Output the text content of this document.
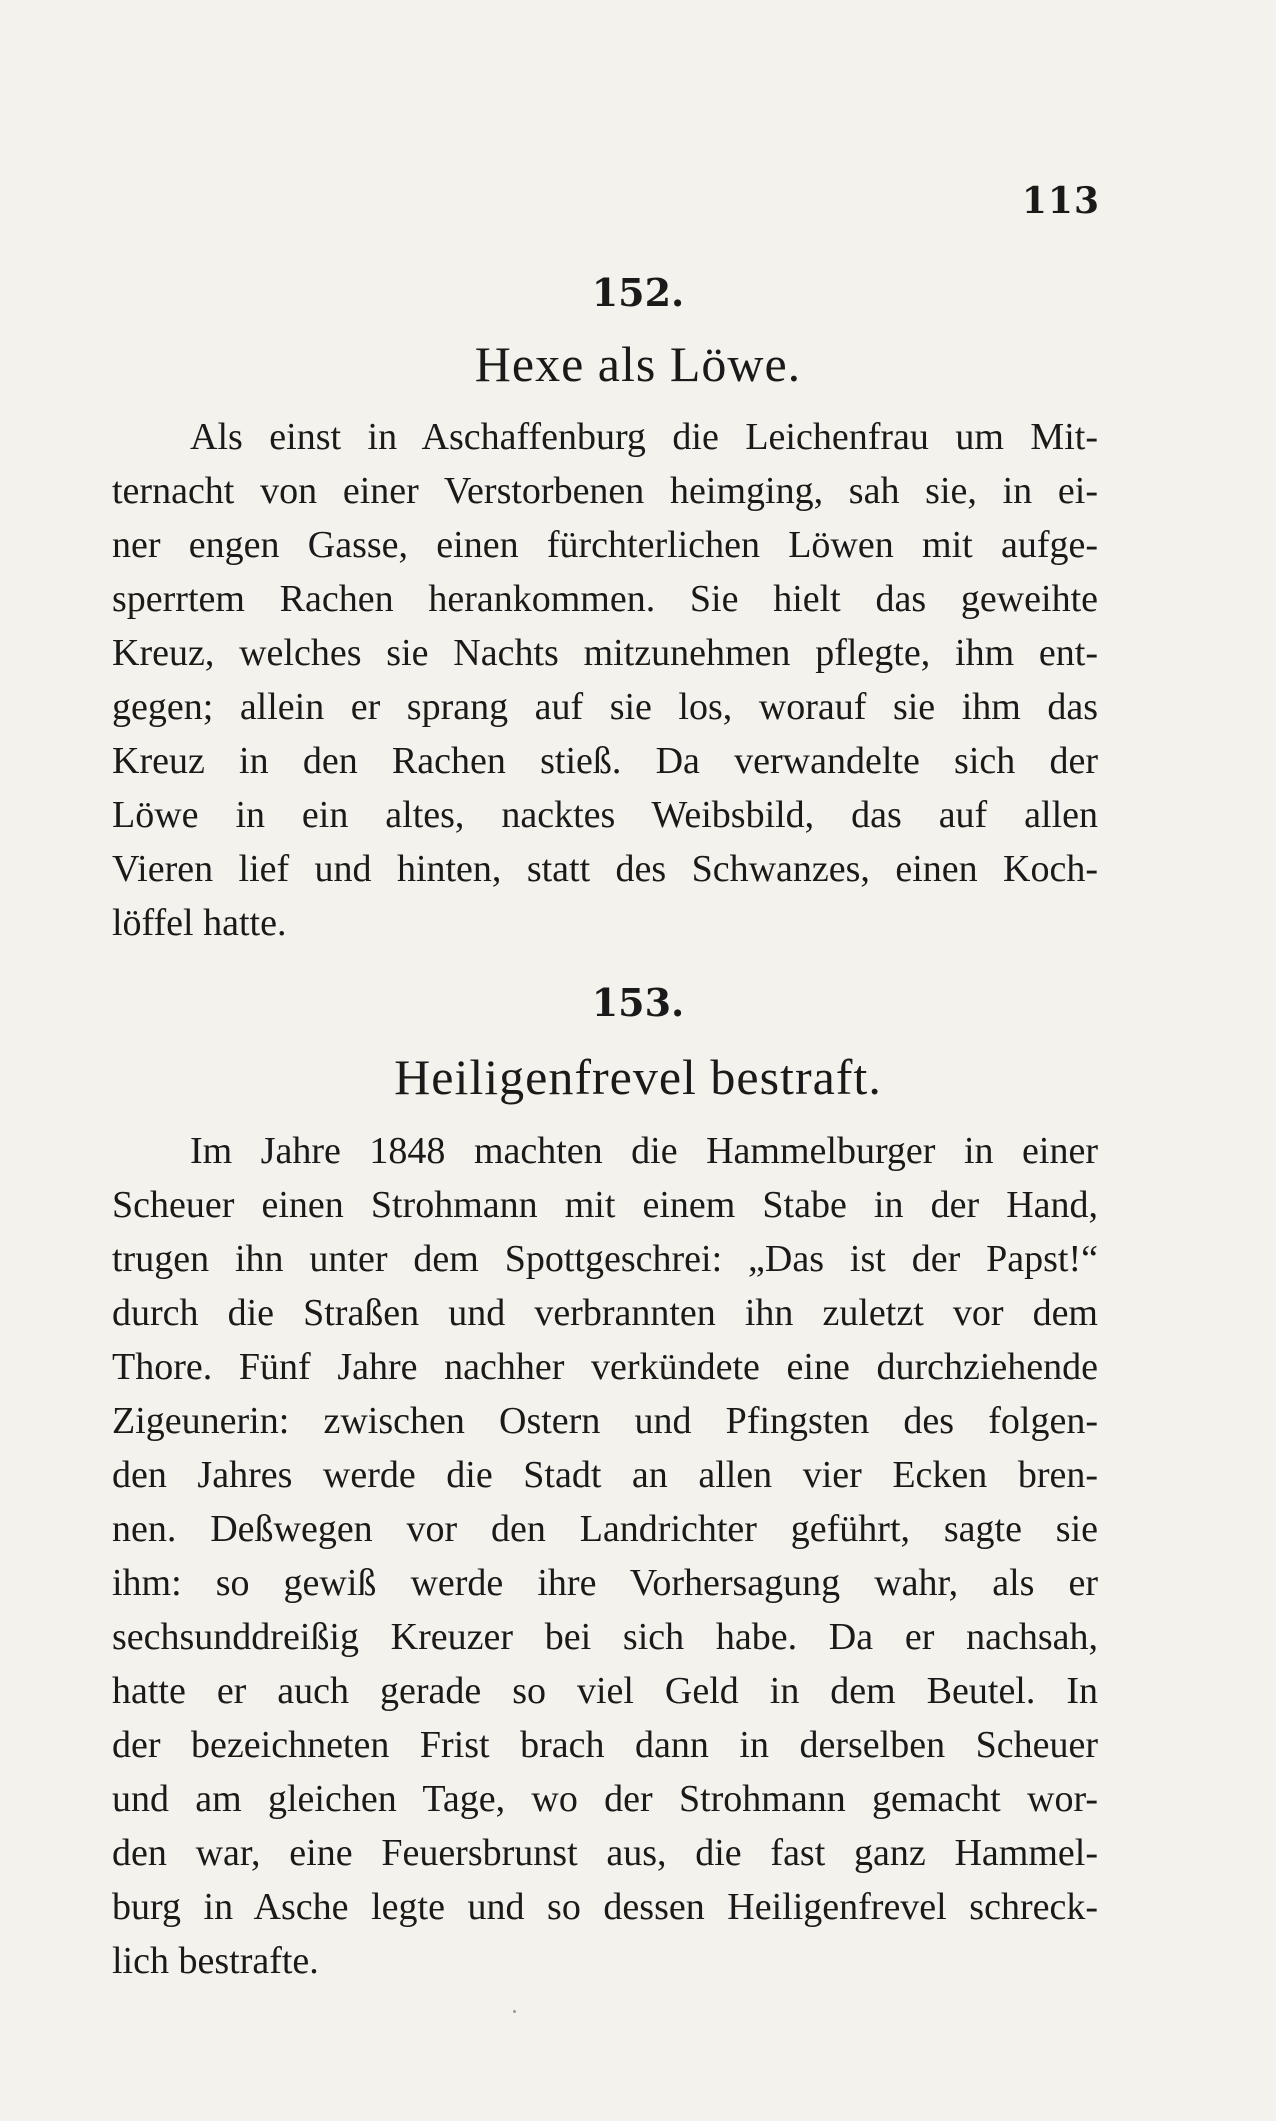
113
152.
Hexe als Löwe.
Als einst in Aschaffenburg die Leichenfrau um Mit-
ternacht von einer Verstorbenen heimging, sah sie, in ei-
ner engen Gasse, einen fürchterlichen Löwen mit aufge-
sperrtem Rachen herankommen. Sie hielt das geweihte
Kreuz, welches sie Nachts mitzunehmen pflegte, ihm ent-
gegen; allein er sprang auf sie los, worauf sie ihm das
Kreuz in den Rachen stieß. Da verwandelte sich der
Löwe in ein altes, nacktes Weibsbild, das auf allen
Vieren lief und hinten, statt des Schwanzes, einen Koch-
löffel hatte.
153.
Heiligenfrevel bestraft.
Im Jahre 1848 machten die Hammelburger in einer
Scheuer einen Strohmann mit einem Stabe in der Hand,
trugen ihn unter dem Spottgeschrei: „Das ist der Papst!“
durch die Straßen und verbrannten ihn zuletzt vor dem
Thore. Fünf Jahre nachher verkündete eine durchziehende
Zigeunerin: zwischen Ostern und Pfingsten des folgen-
den Jahres werde die Stadt an allen vier Ecken bren-
nen. Deßwegen vor den Landrichter geführt, sagte sie
ihm: so gewiß werde ihre Vorhersagung wahr, als er
sechsunddreißig Kreuzer bei sich habe. Da er nachsah,
hatte er auch gerade so viel Geld in dem Beutel. In
der bezeichneten Frist brach dann in derselben Scheuer
und am gleichen Tage, wo der Strohmann gemacht wor-
den war, eine Feuersbrunst aus, die fast ganz Hammel-
burg in Asche legte und so dessen Heiligenfrevel schreck-
lich bestrafte.
